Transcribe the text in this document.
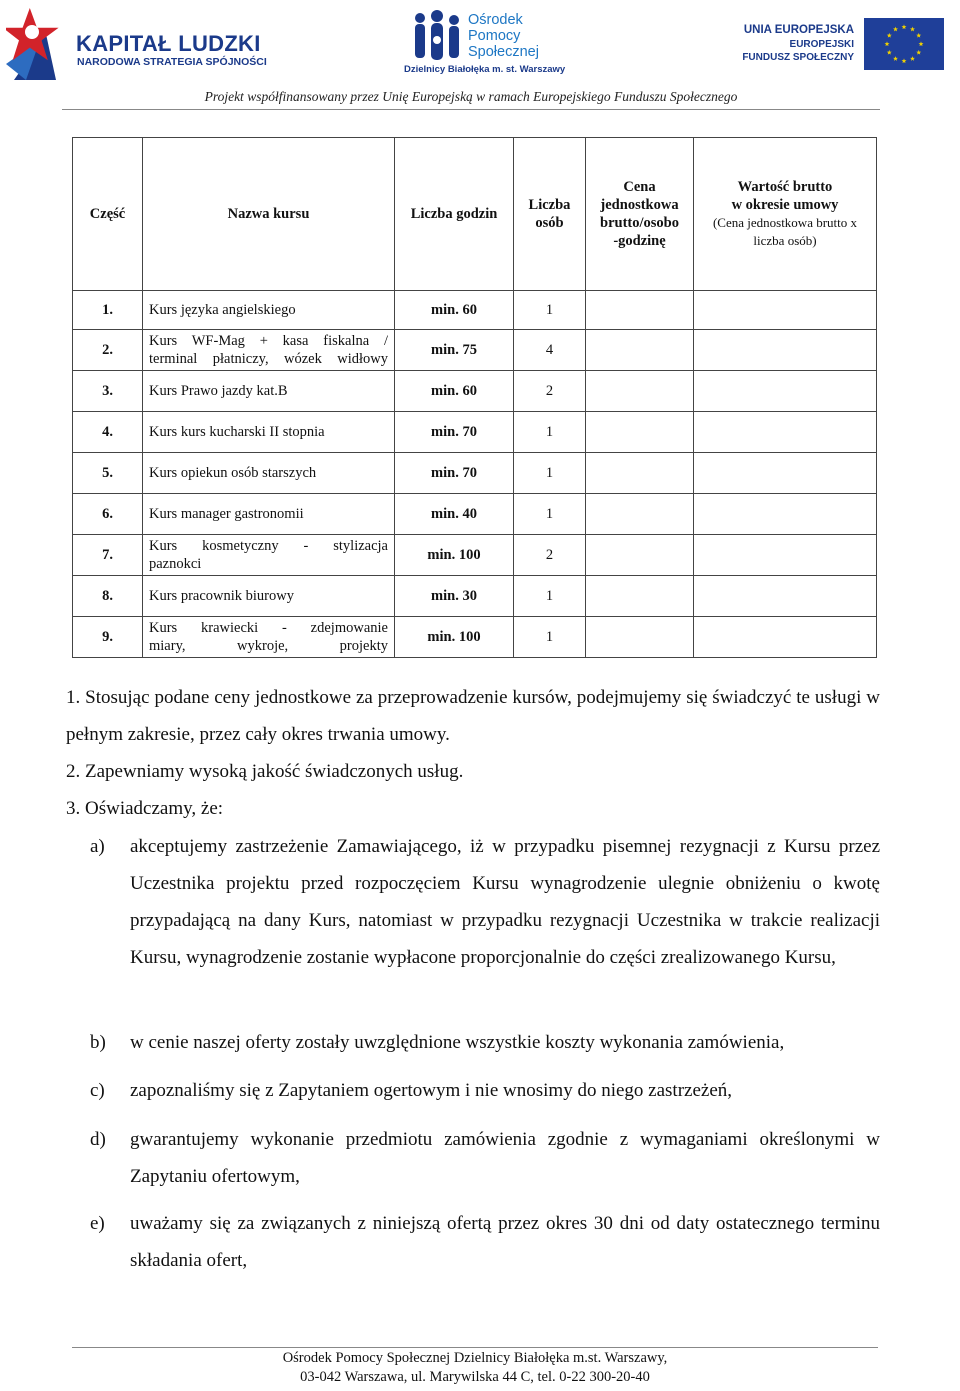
KAPITAŁ LUDZKI
NARODOWA STRATEGIA SPÓJNOŚCI
Ośrodek
Pomocy
Społecznej
Dzielnicy Białołęka m. st. Warszawy
UNIA EUROPEJSKA
EUROPEJSKI
FUNDUSZ SPOŁECZNY
Projekt współfinansowany przez Unię Europejską w ramach Europejskiego Funduszu Społecznego
Część	Nazwa kursu	Liczba godzin	Liczba
osób	Cena
jednostkowa
brutto/osobo
-godzinę	Wartość brutto
w okresie umowy
(Cena jednostkowa brutto x
liczba osób)
1.	Kurs języka angielskiego	min. 60	1		
2.	Kurs WF-Mag + kasa fiskalna /
terminal płatniczy, wózek widłowy	min. 75	4		
3.	Kurs Prawo jazdy kat.B	min. 60	2		
4.	Kurs kurs kucharski II stopnia	min. 70	1		
5.	Kurs opiekun osób starszych	min. 70	1		
6.	Kurs manager gastronomii	min. 40	1		
7.	Kurs kosmetyczny - stylizacja
paznokci	min. 100	2		
8.	Kurs pracownik biurowy	min. 30	1		
9.	Kurs krawiecki - zdejmowanie
miary, wykroje, projekty	min. 100	1		
1. Stosując podane ceny jednostkowe za przeprowadzenie kursów, podejmujemy się świadczyć te usługi w pełnym zakresie, przez cały okres trwania umowy.
2. Zapewniamy wysoką jakość świadczonych usług.
3. Oświadczamy, że:
a) akceptujemy zastrzeżenie Zamawiającego, iż w przypadku pisemnej rezygnacji z Kursu przez Uczestnika projektu przed rozpoczęciem Kursu wynagrodzenie ulegnie obniżeniu o kwotę przypadającą na dany Kurs, natomiast w przypadku rezygnacji Uczestnika w trakcie realizacji Kursu, wynagrodzenie zostanie wypłacone proporcjonalnie do części zrealizowanego Kursu,
b) w cenie naszej oferty zostały uwzględnione wszystkie koszty wykonania zamówienia,
c) zapoznaliśmy się z Zapytaniem ogertowym i nie wnosimy do niego zastrzeżeń,
d) gwarantujemy wykonanie przedmiotu zamówienia zgodnie z wymaganiami określonymi w Zapytaniu ofertowym,
e) uważamy się za związanych z niniejszą ofertą przez okres 30 dni od daty ostatecznego terminu składania ofert,
Ośrodek Pomocy Społecznej Dzielnicy Białołęka m.st. Warszawy,
03-042 Warszawa, ul. Marywilska 44 C, tel. 0-22 300-20-40
